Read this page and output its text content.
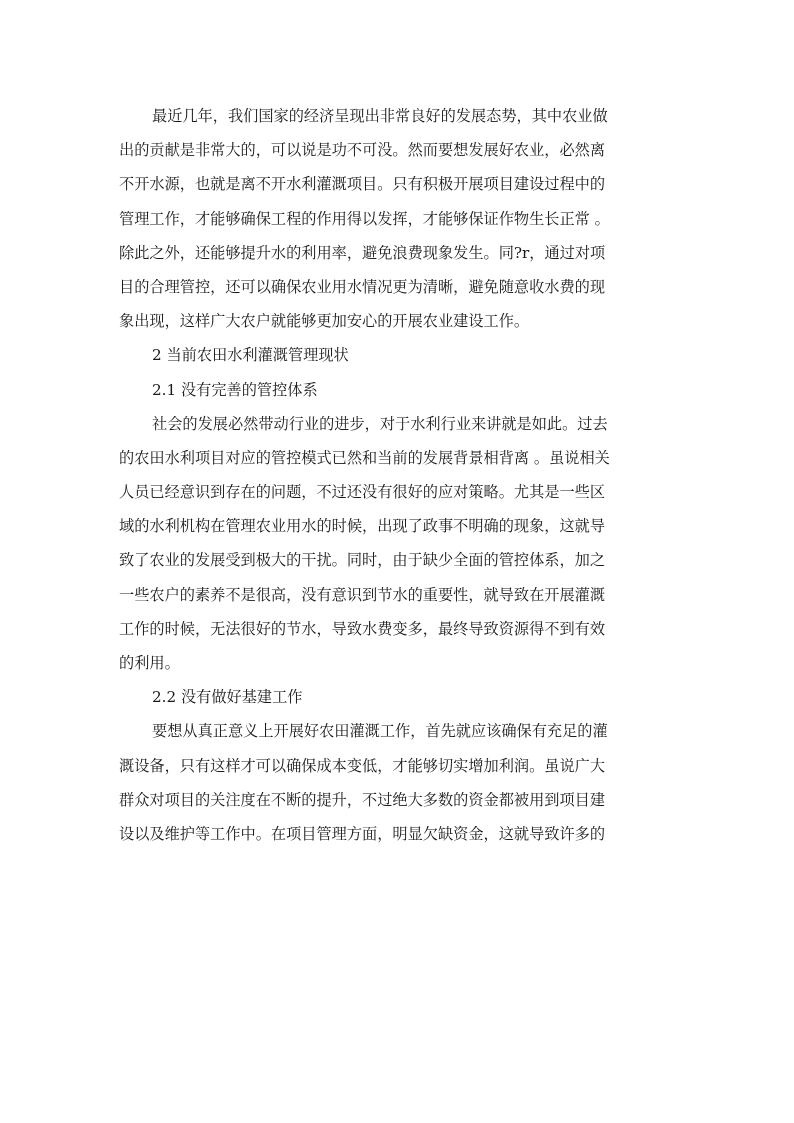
最近几年，我们国家的经济呈现出非常良好的发展态势，其中农业做
出的贡献是非常大的，可以说是功不可没。然而要想发展好农业，必然离
不开水源，也就是离不开水利灌溉项目。只有积极开展项目建设过程中的
管理工作，才能够确保工程的作用得以发挥，才能够保证作物生长正常 。
除此之外，还能够提升水的利用率，避免浪费现象发生。同?r，通过对项
目的合理管控，还可以确保农业用水情况更为清晰，避免随意收水费的现
象出现，这样广大农户就能够更加安心的开展农业建设工作。
2 当前农田水利灌溉管理现状
2.1 没有完善的管控体系
社会的发展必然带动行业的进步，对于水利行业来讲就是如此。过去
的农田水利项目对应的管控模式已然和当前的发展背景相背离 。虽说相关
人员已经意识到存在的问题，不过还没有很好的应对策略。尤其是一些区
域的水利机构在管理农业用水的时候，出现了政事不明确的现象，这就导
致了农业的发展受到极大的干扰。同时，由于缺少全面的管控体系，加之
一些农户的素养不是很高，没有意识到节水的重要性，就导致在开展灌溉
工作的时候，无法很好的节水，导致水费变多，最终导致资源得不到有效
的利用。
2.2 没有做好基建工作
要想从真正意义上开展好农田灌溉工作，首先就应该确保有充足的灌
溉设备，只有这样才可以确保成本变低，才能够切实增加利润。虽说广大
群众对项目的关注度在不断的提升，不过绝大多数的资金都被用到项目建
设以及维护等工作中。在项目管理方面，明显欠缺资金，这就导致许多的
